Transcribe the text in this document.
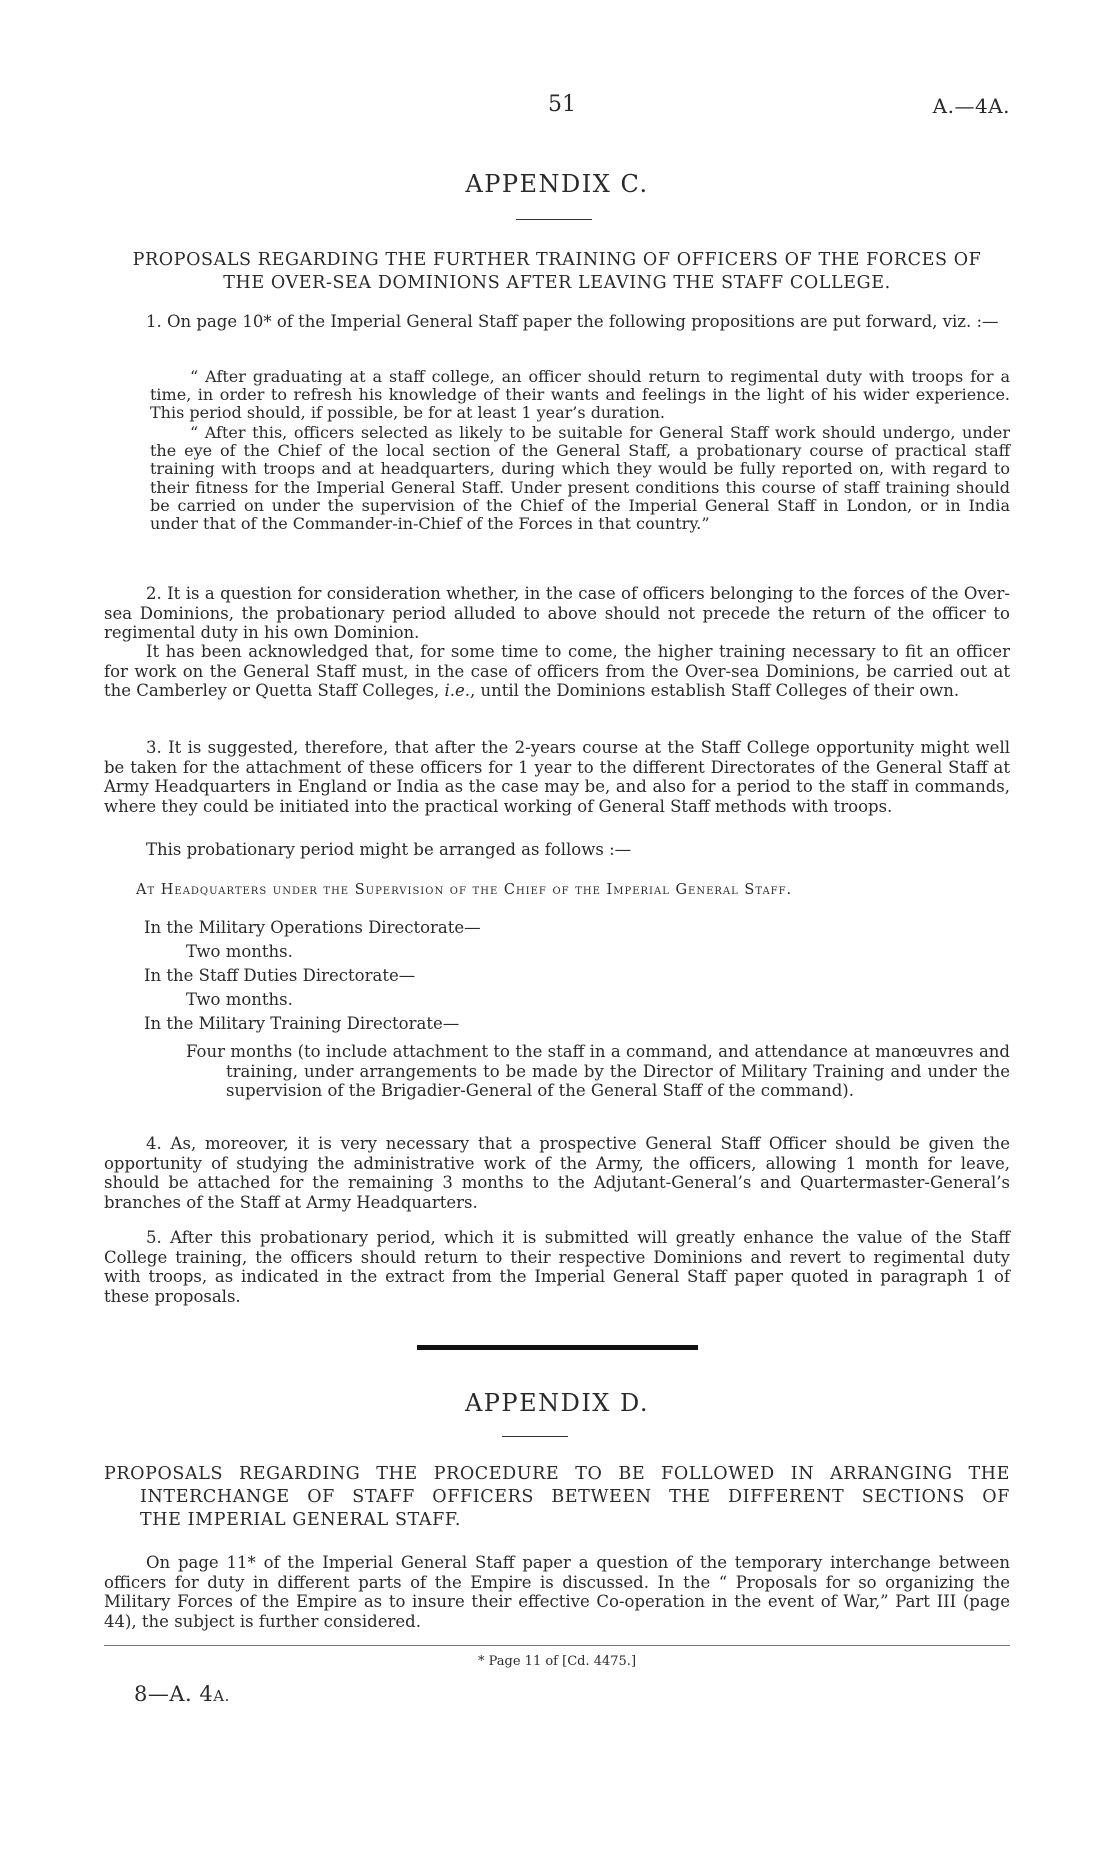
51	A.—4A.
APPENDIX C.
PROPOSALS REGARDING THE FURTHER TRAINING OF OFFICERS OF THE FORCES OF
THE OVER-SEA DOMINIONS AFTER LEAVING THE STAFF COLLEGE.

1. On page 10* of the Imperial General Staff paper the following propositions are put forward, viz. :—

“ After graduating at a staff college, an officer should return to regimental duty with troops for a time, in order to refresh his knowledge of their wants and feelings in the light of his wider experience. This period should, if possible, be for at least 1 year’s duration.

“ After this, officers selected as likely to be suitable for General Staff work should undergo, under the eye of the Chief of the local section of the General Staff, a probationary course of practical staff training with troops and at headquarters, during which they would be fully reported on, with regard to their fitness for the Imperial General Staff. Under present conditions this course of staff training should be carried on under the supervision of the Chief of the Imperial General Staff in London, or in India under that of the Commander-in-Chief of the Forces in that country.”

2. It is a question for consideration whether, in the case of officers belonging to the forces of the Over-sea Dominions, the probationary period alluded to above should not precede the return of the officer to regimental duty in his own Dominion.

It has been acknowledged that, for some time to come, the higher training necessary to fit an officer for work on the General Staff must, in the case of officers from the Over-sea Dominions, be carried out at the Camberley or Quetta Staff Colleges, i.e., until the Dominions establish Staff Colleges of their own.

3. It is suggested, therefore, that after the 2-years course at the Staff College opportunity might well be taken for the attachment of these officers for 1 year to the different Directorates of the General Staff at Army Headquarters in England or India as the case may be, and also for a period to the staff in commands, where they could be initiated into the practical working of General Staff methods with troops.

This probationary period might be arranged as follows :—

At Headquarters under the Supervision of the Chief of the Imperial General Staff.
In the Military Operations Directorate—
Two months.
In the Staff Duties Directorate—
Two months.
In the Military Training Directorate—

Four months (to include attachment to the staff in a command, and attendance at manœuvres and training, under arrangements to be made by the Director of Military Training and under the supervision of the Brigadier-General of the General Staff of the command).

4. As, moreover, it is very necessary that a prospective General Staff Officer should be given the opportunity of studying the administrative work of the Army, the officers, allowing 1 month for leave, should be attached for the remaining 3 months to the Adjutant-General’s and Quartermaster-General’s branches of the Staff at Army Headquarters.

5. After this probationary period, which it is submitted will greatly enhance the value of the Staff College training, the officers should return to their respective Dominions and revert to regimental duty with troops, as indicated in the extract from the Imperial General Staff paper quoted in paragraph 1 of these proposals.

APPENDIX D.
PROPOSALS REGARDING THE PROCEDURE TO BE FOLLOWED IN ARRANGING THE
INTERCHANGE OF STAFF OFFICERS BETWEEN THE DIFFERENT SECTIONS OF
THE IMPERIAL GENERAL STAFF.

On page 11* of the Imperial General Staff paper a question of the temporary interchange between officers for duty in different parts of the Empire is discussed. In the “ Proposals for so organizing the Military Forces of the Empire as to insure their effective Co-operation in the event of War,” Part III (page 44), the subject is further considered.

* Page 11 of [Cd. 4475.]
8—A. 4A.
